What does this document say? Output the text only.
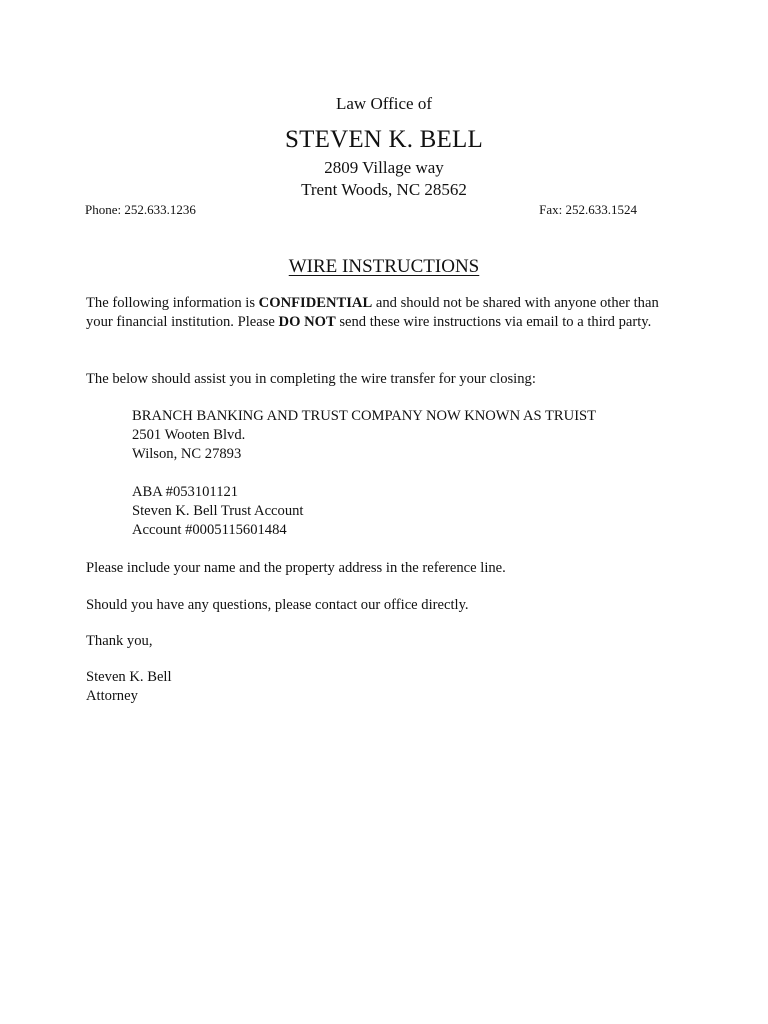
Law Office of
STEVEN K. BELL
2809 Village way
Trent Woods, NC 28562
Phone: 252.633.1236	Fax: 252.633.1524
WIRE INSTRUCTIONS
The following information is CONFIDENTIAL and should not be shared with anyone other than your financial institution. Please DO NOT send these wire instructions via email to a third party.
The below should assist you in completing the wire transfer for your closing:
BRANCH BANKING AND TRUST COMPANY NOW KNOWN AS TRUIST
2501 Wooten Blvd.
Wilson, NC 27893
ABA #053101121
Steven K. Bell Trust Account
Account #0005115601484
Please include your name and the property address in the reference line.
Should you have any questions, please contact our office directly.
Thank you,
Steven K. Bell
Attorney
